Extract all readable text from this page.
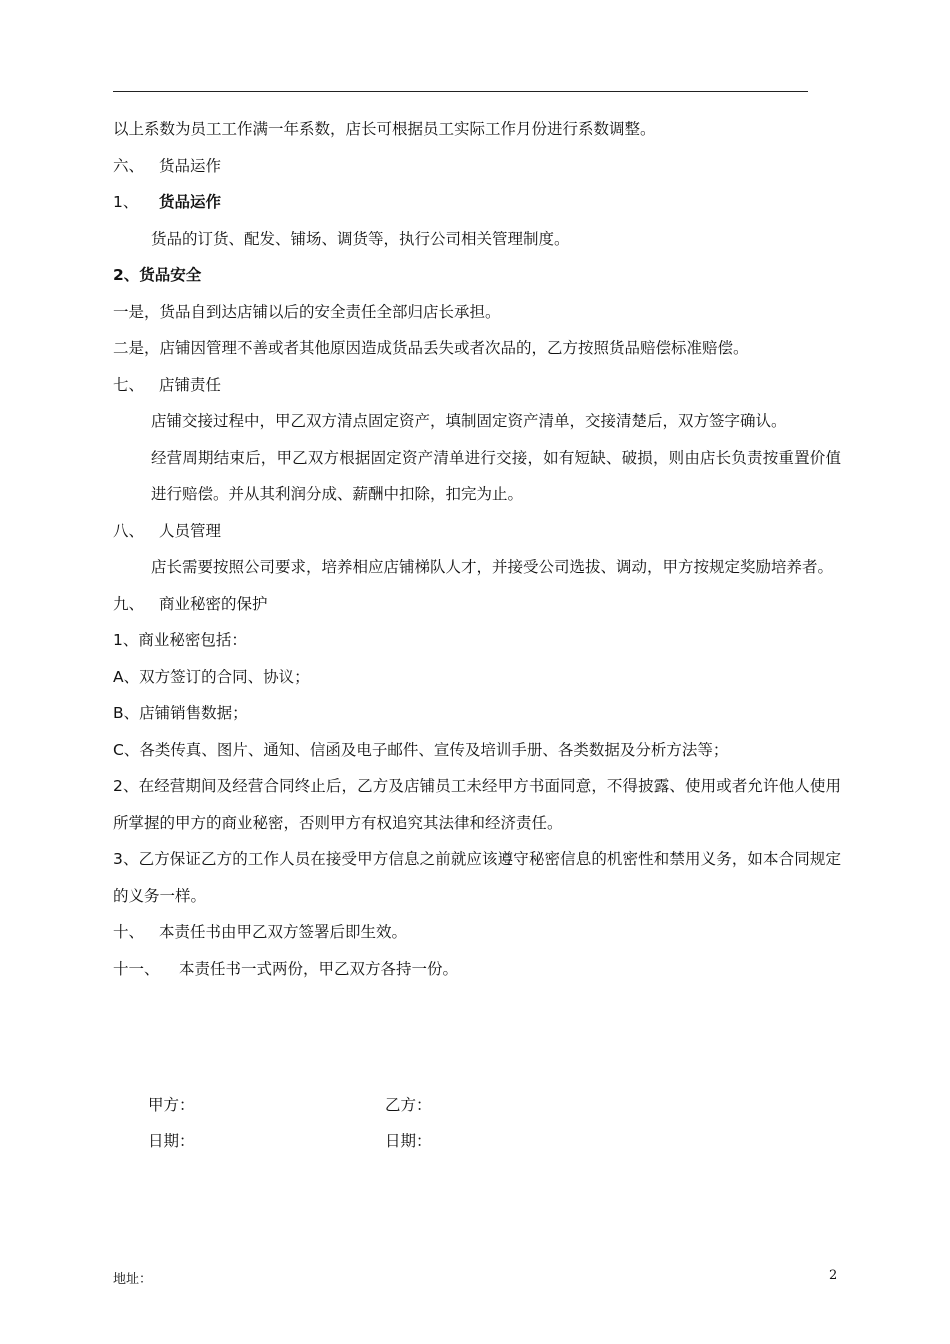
以上系数为员工工作满一年系数，店长可根据员工实际工作月份进行系数调整。

六、 货品运作

1、 货品运作

货品的订货、配发、铺场、调货等，执行公司相关管理制度。

2、货品安全

一是，货品自到达店铺以后的安全责任全部归店长承担。

二是，店铺因管理不善或者其他原因造成货品丢失或者次品的，乙方按照货品赔偿标准赔偿。

七、 店铺责任

店铺交接过程中，甲乙双方清点固定资产，填制固定资产清单，交接清楚后，双方签字确认。

经营周期结束后，甲乙双方根据固定资产清单进行交接，如有短缺、破损，则由店长负责按重置价值进行赔偿。并从其利润分成、薪酬中扣除，扣完为止。

八、 人员管理

店长需要按照公司要求，培养相应店铺梯队人才，并接受公司选拔、调动，甲方按规定奖励培养者。

九、 商业秘密的保护

1、商业秘密包括：

A、双方签订的合同、协议；

B、店铺销售数据；

C、各类传真、图片、通知、信函及电子邮件、宣传及培训手册、各类数据及分析方法等；

2、在经营期间及经营合同终止后，乙方及店铺员工未经甲方书面同意，不得披露、使用或者允许他人使用所掌握的甲方的商业秘密，否则甲方有权追究其法律和经济责任。

3、乙方保证乙方的工作人员在接受甲方信息之前就应该遵守秘密信息的机密性和禁用义务，如本合同规定的义务一样。

十、 本责任书由甲乙双方签署后即生效。

十一、 本责任书一式两份，甲乙双方各持一份。

甲方：	乙方：
日期：	日期：
地址：	2
